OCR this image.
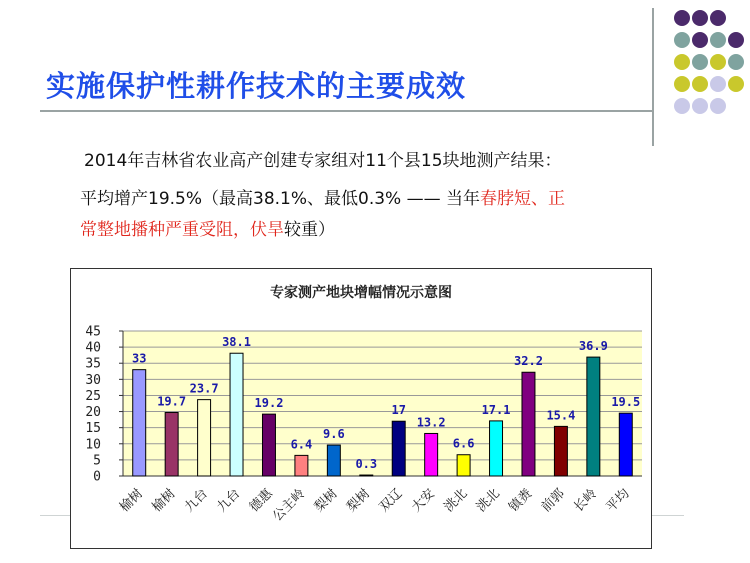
实施保护性耕作技术的主要成效
2014年吉林省农业高产创建专家组对11个县15块地测产结果：
平均增产19.5%（最高38.1%、最低0.3% —— 当年春脖短、正
常整地播种严重受阻，伏旱较重）
专家测产地块增幅情况示意图
0
5
10
15
20
25
30
35
40
45
33
榆树
19.7
榆树
23.7
九台
38.1
九台
19.2
德惠
6.4
公主岭
9.6
梨树
0.3
梨树
17
双辽
13.2
大安
6.6
洮北
17.1
洮北
32.2
镇赉
15.4
前郭
36.9
长岭
19.5
平均
